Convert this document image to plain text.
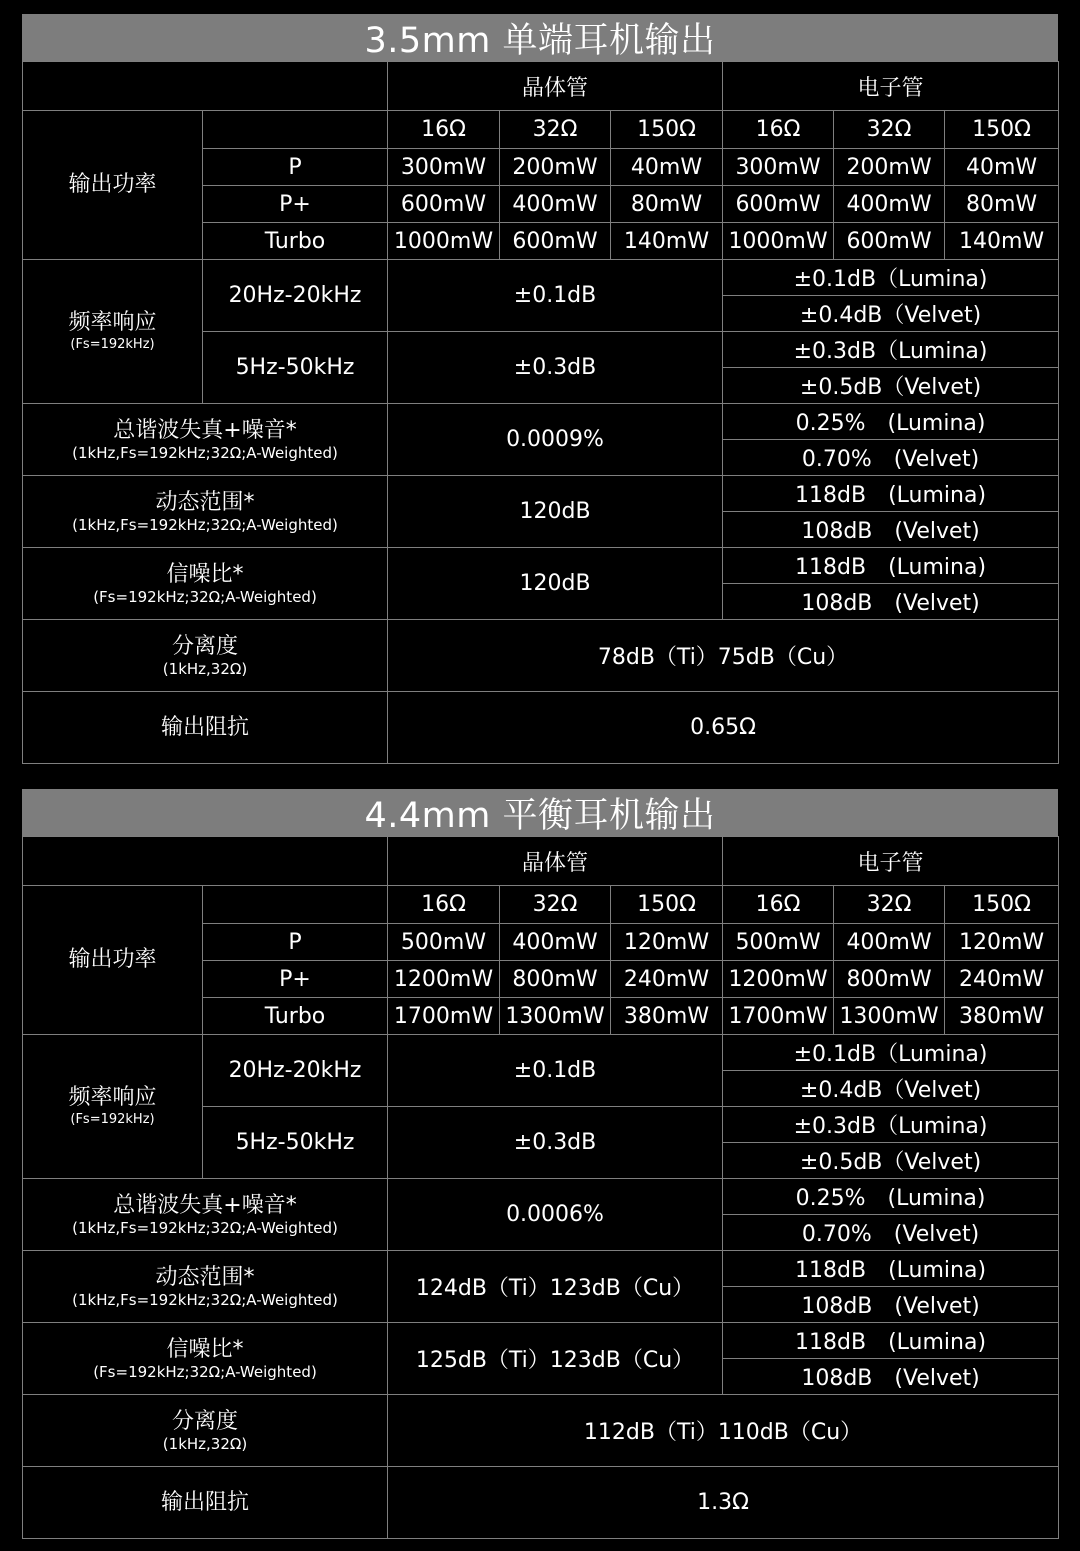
3.5mm 单端耳机输出
		晶体管			电子管		

输出功率		16Ω	32Ω	150Ω	16Ω	32Ω	150Ω
	P	300mW	200mW	40mW	300mW	200mW	40mW
	P+	600mW	400mW	80mW	600mW	400mW	80mW
	Turbo	1000mW	600mW	140mW	1000mW	600mW	140mW

频率响应
(Fs=192kHz)	20Hz-20kHz	±0.1dB			±0.1dB（Lumina)		
					±0.4dB（Velvet)		
	5Hz-50kHz	±0.3dB			±0.3dB（Lumina)		
					±0.5dB（Velvet)		

总谐波失真+噪音*
(1kHz,Fs=192kHz;32Ω;A-Weighted)		0.0009%			0.25%　(Lumina)		
					0.70%　(Velvet)		

动态范围*
(1kHz,Fs=192kHz;32Ω;A-Weighted)		120dB			118dB　(Lumina)		
					108dB　(Velvet)		

信噪比*
(Fs=192kHz;32Ω;A-Weighted)		120dB			118dB　(Lumina)		
					108dB　(Velvet)		

分离度
(1kHz,32Ω)		78dB（Ti）75dB（Cu）					

输出阻抗		0.65Ω					
4.4mm 平衡耳机输出
		晶体管			电子管		

输出功率		16Ω	32Ω	150Ω	16Ω	32Ω	150Ω
	P	500mW	400mW	120mW	500mW	400mW	120mW
	P+	1200mW	800mW	240mW	1200mW	800mW	240mW
	Turbo	1700mW	1300mW	380mW	1700mW	1300mW	380mW

频率响应
(Fs=192kHz)	20Hz-20kHz	±0.1dB			±0.1dB（Lumina)		
					±0.4dB（Velvet)		
	5Hz-50kHz	±0.3dB			±0.3dB（Lumina)		
					±0.5dB（Velvet)		

总谐波失真+噪音*
(1kHz,Fs=192kHz;32Ω;A-Weighted)		0.0006%			0.25%　(Lumina)		
					0.70%　(Velvet)		

动态范围*
(1kHz,Fs=192kHz;32Ω;A-Weighted)		124dB（Ti）123dB（Cu）			118dB　(Lumina)		
					108dB　(Velvet)		

信噪比*
(Fs=192kHz;32Ω;A-Weighted)		125dB（Ti）123dB（Cu）			118dB　(Lumina)		
					108dB　(Velvet)		

分离度
(1kHz,32Ω)		112dB（Ti）110dB（Cu）					

输出阻抗		1.3Ω					
